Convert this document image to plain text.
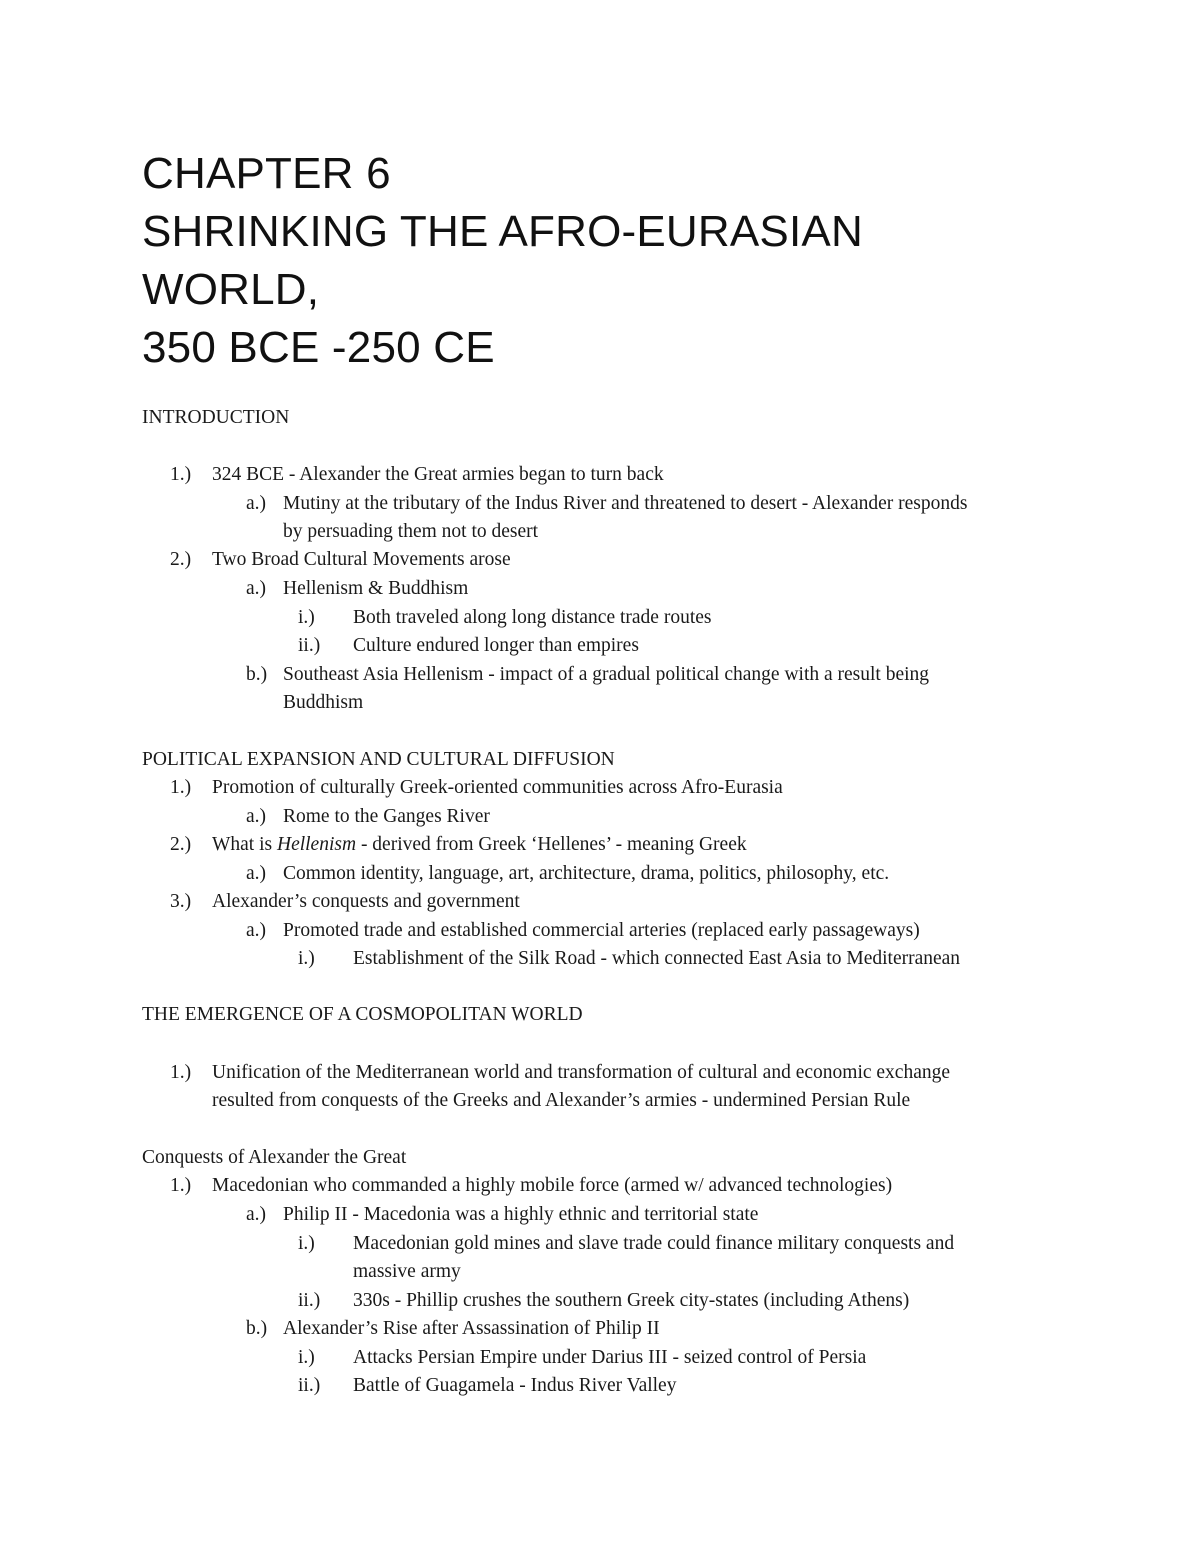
CHAPTER 6
SHRINKING THE AFRO-EURASIAN
WORLD,
350 BCE -250 CE
INTRODUCTION
1.) 324 BCE - Alexander the Great armies began to turn back
a.) Mutiny at the tributary of the Indus River and threatened to desert - Alexander responds
by persuading them not to desert
2.) Two Broad Cultural Movements arose
a.) Hellenism & Buddhism
i.) Both traveled along long distance trade routes
ii.) Culture endured longer than empires
b.) Southeast Asia Hellenism - impact of a gradual political change with a result being
Buddhism
POLITICAL EXPANSION AND CULTURAL DIFFUSION
1.) Promotion of culturally Greek-oriented communities across Afro-Eurasia
a.) Rome to the Ganges River
2.) What is Hellenism - derived from Greek ‘Hellenes’ - meaning Greek
a.) Common identity, language, art, architecture, drama, politics, philosophy, etc.
3.) Alexander’s conquests and government
a.) Promoted trade and established commercial arteries (replaced early passageways)
i.) Establishment of the Silk Road - which connected East Asia to Mediterranean
THE EMERGENCE OF A COSMOPOLITAN WORLD
1.) Unification of the Mediterranean world and transformation of cultural and economic exchange
resulted from conquests of the Greeks and Alexander’s armies - undermined Persian Rule
Conquests of Alexander the Great
1.) Macedonian who commanded a highly mobile force (armed w/ advanced technologies)
a.) Philip II - Macedonia was a highly ethnic and territorial state
i.) Macedonian gold mines and slave trade could finance military conquests and
massive army
ii.) 330s - Phillip crushes the southern Greek city-states (including Athens)
b.) Alexander’s Rise after Assassination of Philip II
i.) Attacks Persian Empire under Darius III - seized control of Persia
ii.) Battle of Guagamela - Indus River Valley
